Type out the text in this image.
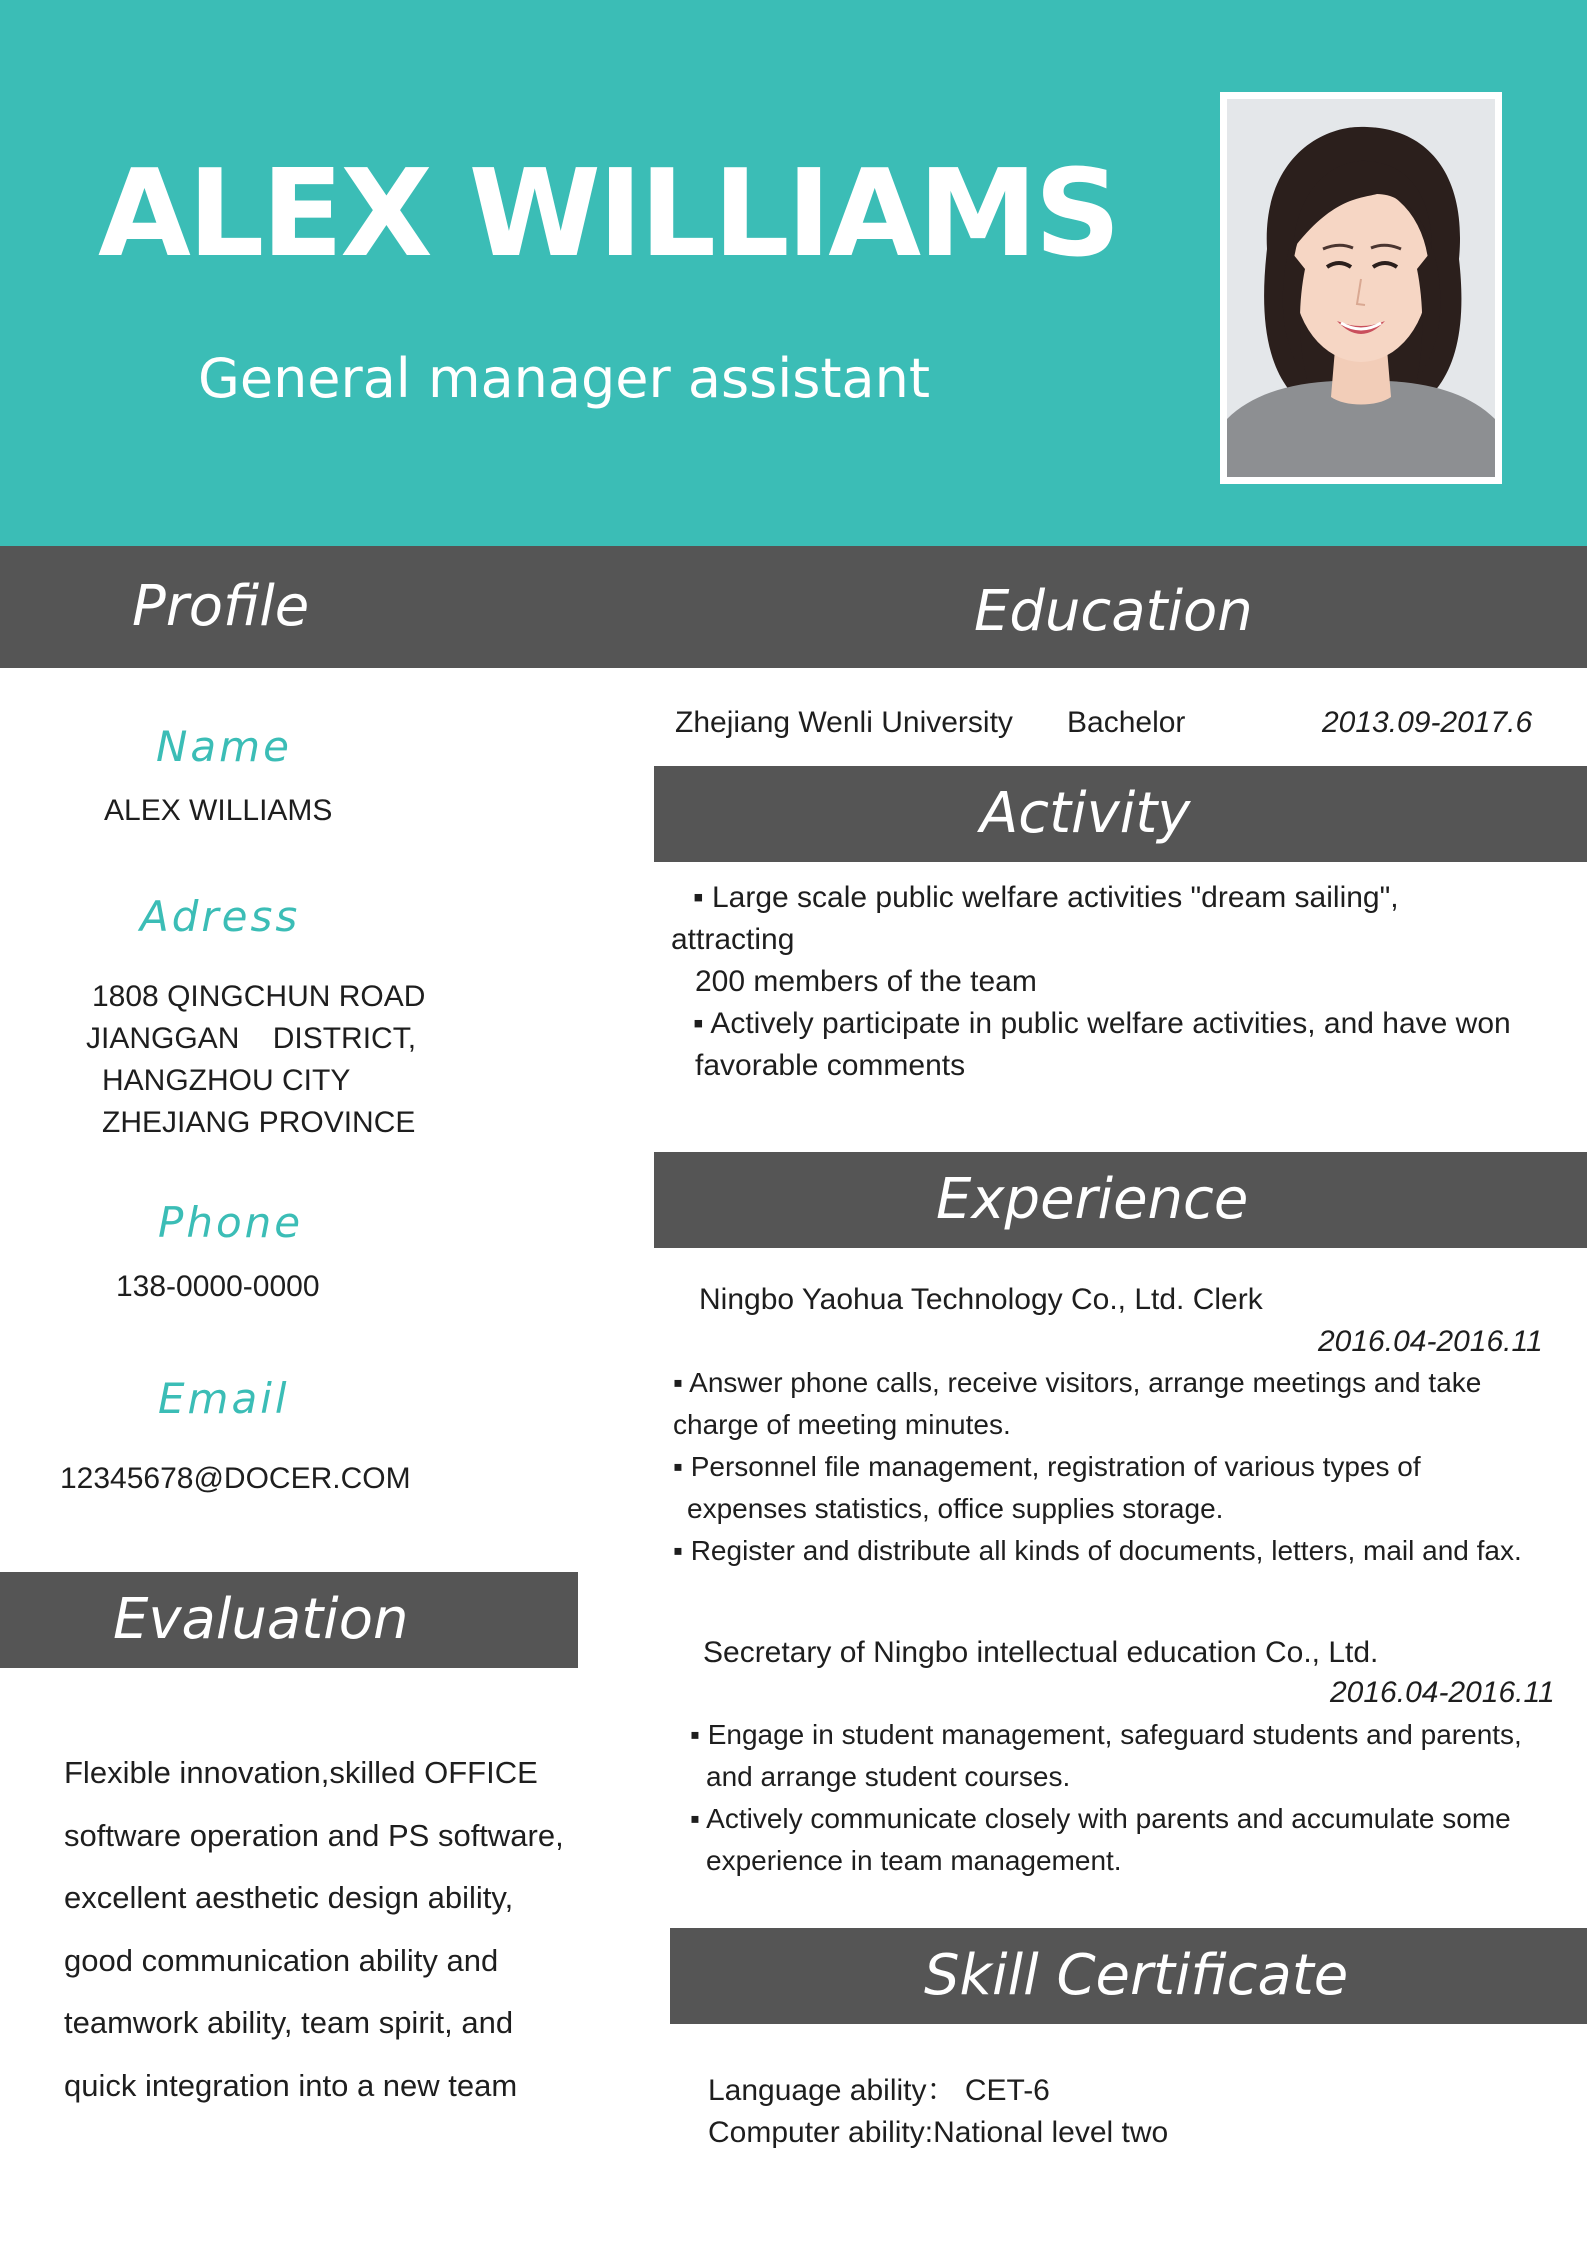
ALEX WILLIAMS
General manager assistant
Profile
Name
ALEX WILLIAMS
Adress
1808 QINGCHUN ROAD
JIANGGAN    DISTRICT,
HANGZHOU CITY
ZHEJIANG PROVINCE
Phone
138-0000-0000
Email
12345678@DOCER.COM
Evaluation
Flexible innovation,skilled OFFICE
software operation and PS software,
excellent aesthetic design ability,
good communication ability and
teamwork ability, team spirit, and
quick integration into a new team
Education
Zhejiang Wenli University Bachelor	2013.09-2017.6
Activity
▪ Large scale public welfare activities "dream sailing",
attracting
200 members of the team
▪ Actively participate in public welfare activities, and have won
favorable comments
Experience
Ningbo Yaohua Technology Co., Ltd. Clerk
2016.04-2016.11
▪ Answer phone calls, receive visitors, arrange meetings and take
charge of meeting minutes.
▪ Personnel file management, registration of various types of
expenses statistics, office supplies storage.
▪ Register and distribute all kinds of documents, letters, mail and fax.
Secretary of Ningbo intellectual education Co., Ltd.
2016.04-2016.11
▪ Engage in student management, safeguard students and parents,
and arrange student courses.
▪ Actively communicate closely with parents and accumulate some
experience in team management.
Skill Certificate
Language ability： CET-6
Computer ability:National level two
